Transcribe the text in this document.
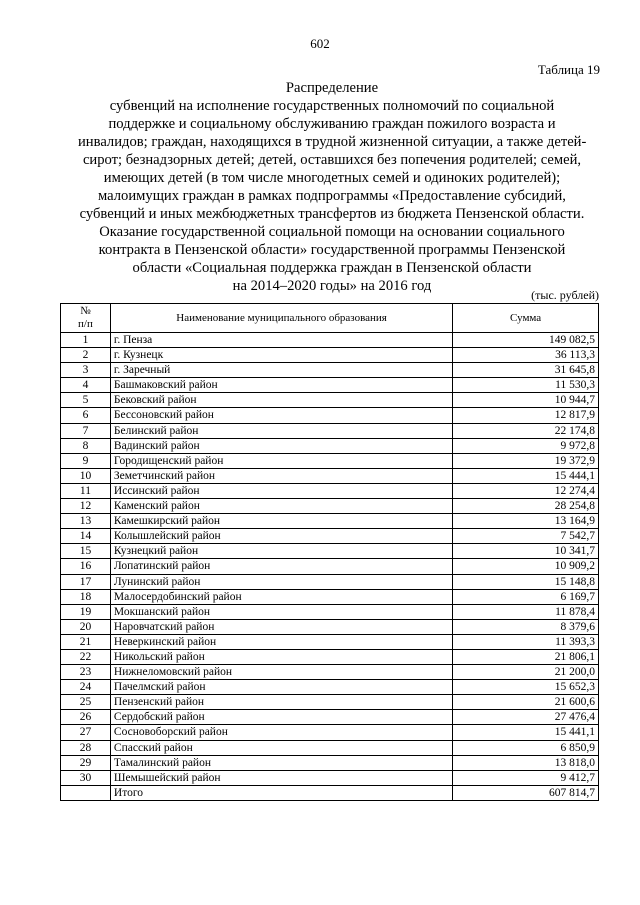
602
Таблица 19
Распределение
субвенций на исполнение государственных полномочий по социальной
поддержке и социальному обслуживанию граждан пожилого возраста и
инвалидов; граждан, находящихся в трудной жизненной ситуации, а также детей-
сирот; безнадзорных детей; детей, оставшихся без попечения родителей; семей,
имеющих детей (в том числе многодетных семей и одиноких родителей);
малоимущих граждан в рамках подпрограммы «Предоставление субсидий,
субвенций и иных межбюджетных трансфертов из бюджета Пензенской области.
Оказание государственной социальной помощи на основании социального
контракта в Пензенской области» государственной программы Пензенской
области «Социальная поддержка граждан в Пензенской области
на 2014–2020 годы» на 2016 год
(тыс. рублей)
№
п/п	Наименование муниципального образования	Сумма
1	г. Пенза	149 082,5
2	г. Кузнецк	36 113,3
3	г. Заречный	31 645,8
4	Башмаковский район	11 530,3
5	Бековский район	10 944,7
6	Бессоновский район	12 817,9
7	Белинский район	22 174,8
8	Вадинский район	9 972,8
9	Городищенский район	19 372,9
10	Земетчинский район	15 444,1
11	Иссинский район	12 274,4
12	Каменский район	28 254,8
13	Камешкирский район	13 164,9
14	Колышлейский район	7 542,7
15	Кузнецкий район	10 341,7
16	Лопатинский район	10 909,2
17	Лунинский район	15 148,8
18	Малосердобинский район	6 169,7
19	Мокшанский район	11 878,4
20	Наровчатский район	8 379,6
21	Неверкинский район	11 393,3
22	Никольский район	21 806,1
23	Нижнеломовский район	21 200,0
24	Пачелмский район	15 652,3
25	Пензенский район	21 600,6
26	Сердобский район	27 476,4
27	Сосновоборский район	15 441,1
28	Спасский район	6 850,9
29	Тамалинский район	13 818,0
30	Шемышейский район	9 412,7
	Итого	607 814,7
